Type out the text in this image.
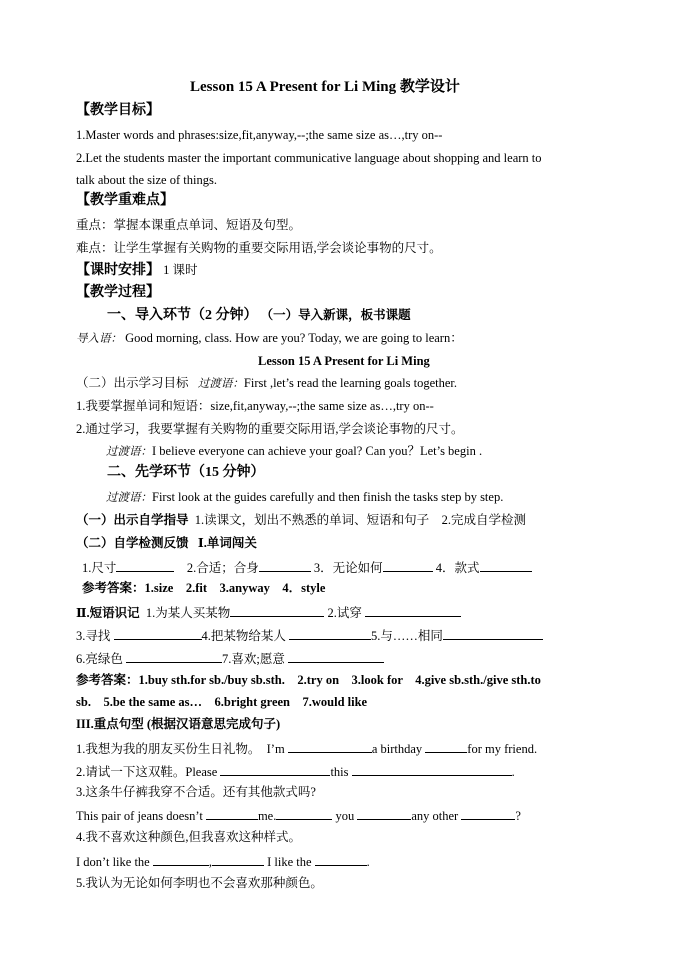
Lesson 15 A Present for Li Ming 教学设计
【教学目标】
1.Master words and phrases:size,fit,anyway,--;the same size as…,try on--
2.Let the students master the important communicative language about shopping and learn to
talk about the size of things.
【教学重难点】
重点：掌握本课重点单词、短语及句型。
难点：让学生掌握有关购物的重要交际用语,学会谈论事物的尺寸。
【课时安排】 1 课时
【教学过程】
一、导入环节（2 分钟） （一）导入新课，板书课题
导入语： Good morning, class. How are you? Today, we are going to learn：
Lesson 15 A Present for Li Ming
（二）出示学习目标 过渡语：First ,let’s read the learning goals together.
1.我要掌握单词和短语：size,fit,anyway,--;the same size as…,try on--
2.通过学习，我要掌握有关购物的重要交际用语,学会谈论事物的尺寸。
过渡语：I believe everyone can achieve your goal? Can you？Let’s begin .
二、先学环节（15 分钟）
过渡语：First look at the guides carefully and then finish the tasks step by step.
（一）出示自学指导 1.读课文，划出不熟悉的单词、短语和句子　2.完成自学检测
（二）自学检测反馈 Ⅰ.单词闯关
1.尺寸	2.合适；合身	3．无论如何	4．款式
参考答案：1.size　2.fit　3.anyway　4．style
Ⅱ.短语识记 1.为某人买某物	2.试穿
3.寻找	4.把某物给某人	5.与……相同
6.亮绿色	7.喜欢;愿意
参考答案：1.buy sth.for sb./buy sb.sth.　2.try on　3.look for　4.give sb.sth./give sth.to
sb.　5.be the same as…　6.bright green　7.would like
III.重点句型 (根据汉语意思完成句子)
1.我想为我的朋友买份生日礼物。 I’m	a birthday	for my friend.
2.请试一下这双鞋。Please	this	.
3.这条牛仔裤我穿不合适。还有其他款式吗?
This pair of jeans doesn’t	me.	you	any other	?
4.我不喜欢这种颜色,但我喜欢这种样式。
I don’t like the	,	I like the	.
5.我认为无论如何李明也不会喜欢那种颜色。
